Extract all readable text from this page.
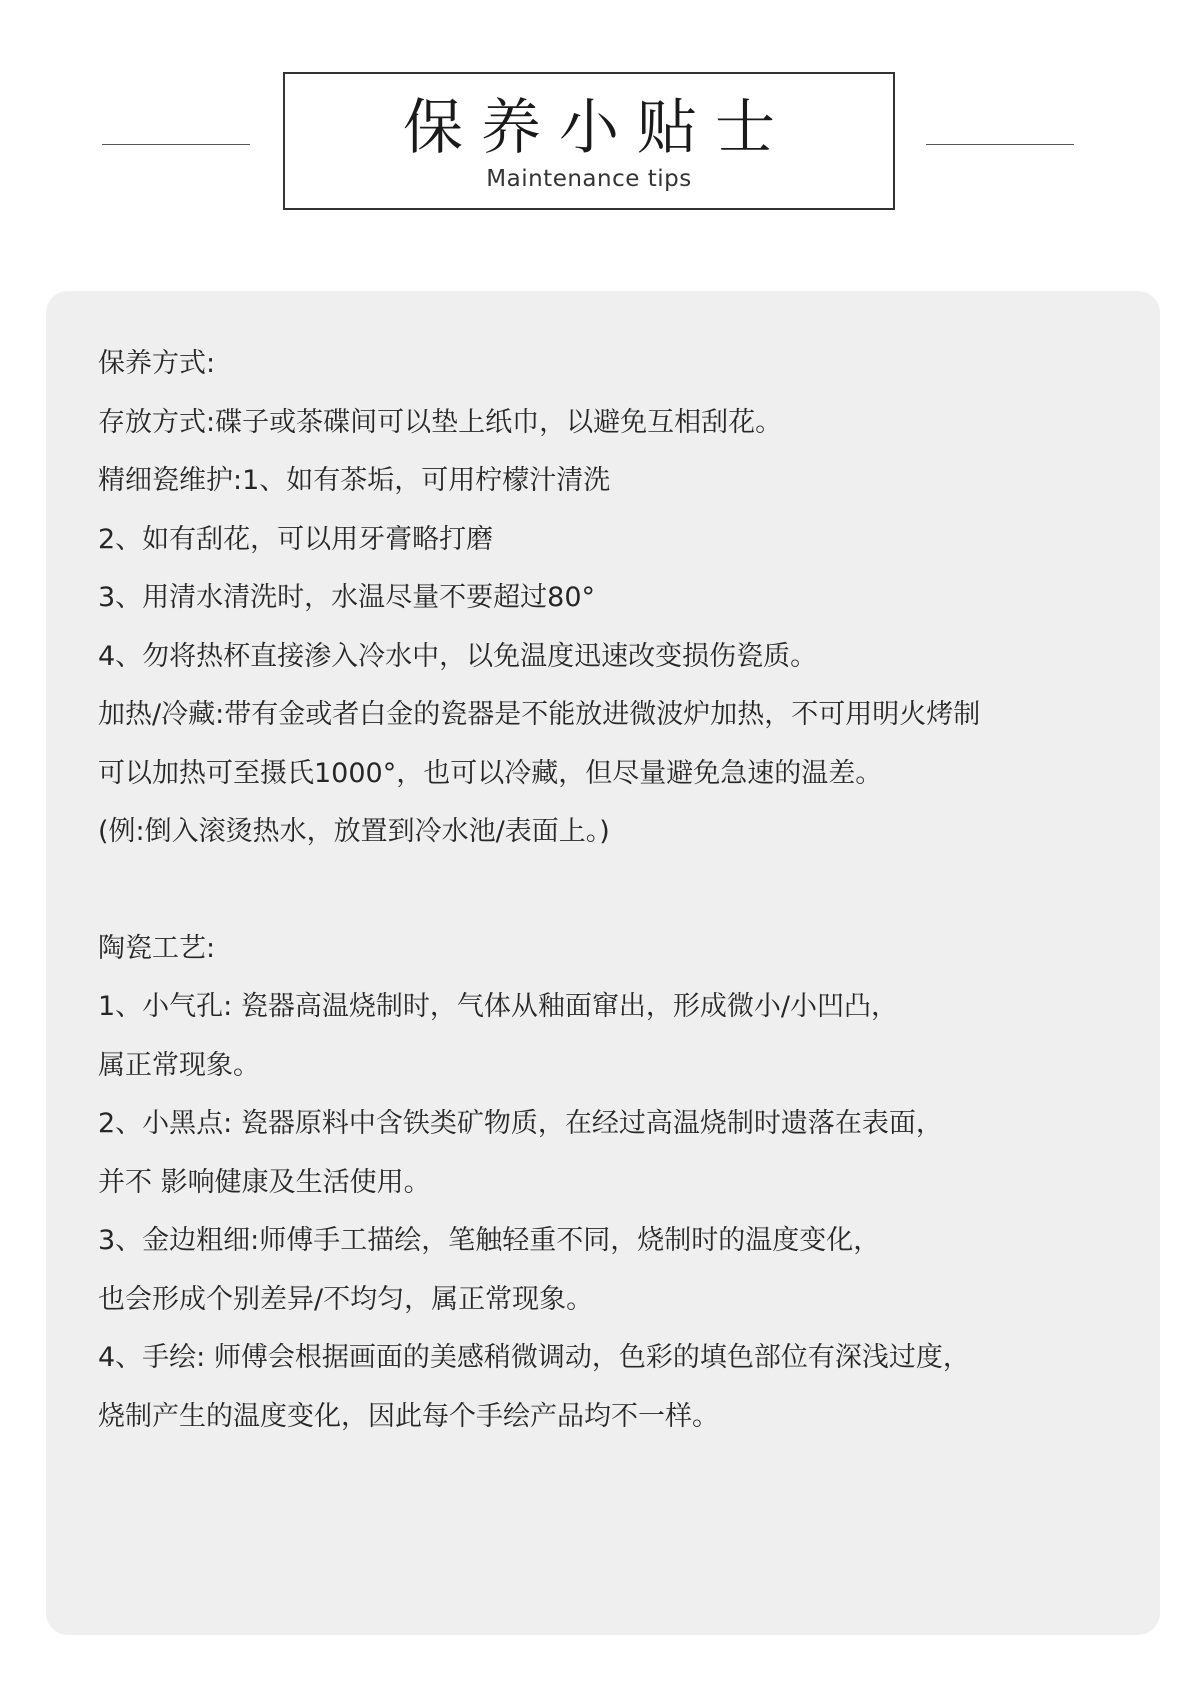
保养小贴士
Maintenance tips
保养方式:
存放方式:碟子或茶碟间可以垫上纸巾，以避免互相刮花。
精细瓷维护:1、如有茶垢，可用柠檬汁清洗
2、如有刮花，可以用牙膏略打磨
3、用清水清洗时，水温尽量不要超过80°
4、勿将热杯直接渗入冷水中，以免温度迅速改变损伤瓷质。
加热/冷藏:带有金或者白金的瓷器是不能放进微波炉加热，不可用明火烤制
可以加热可至摄氏1000°，也可以冷藏，但尽量避免急速的温差。
(例:倒入滚烫热水，放置到冷水池/表面上。)
陶瓷工艺:
1、小气孔: 瓷器高温烧制时，气体从釉面窜出，形成微小/小凹凸，
属正常现象。
2、小黑点: 瓷器原料中含铁类矿物质，在经过高温烧制时遗落在表面，
并不 影响健康及生活使用。
3、金边粗细:师傅手工描绘，笔触轻重不同，烧制时的温度变化，
也会形成个别差异/不均匀，属正常现象。
4、手绘: 师傅会根据画面的美感稍微调动，色彩的填色部位有深浅过度，
烧制产生的温度变化，因此每个手绘产品均不一样。
